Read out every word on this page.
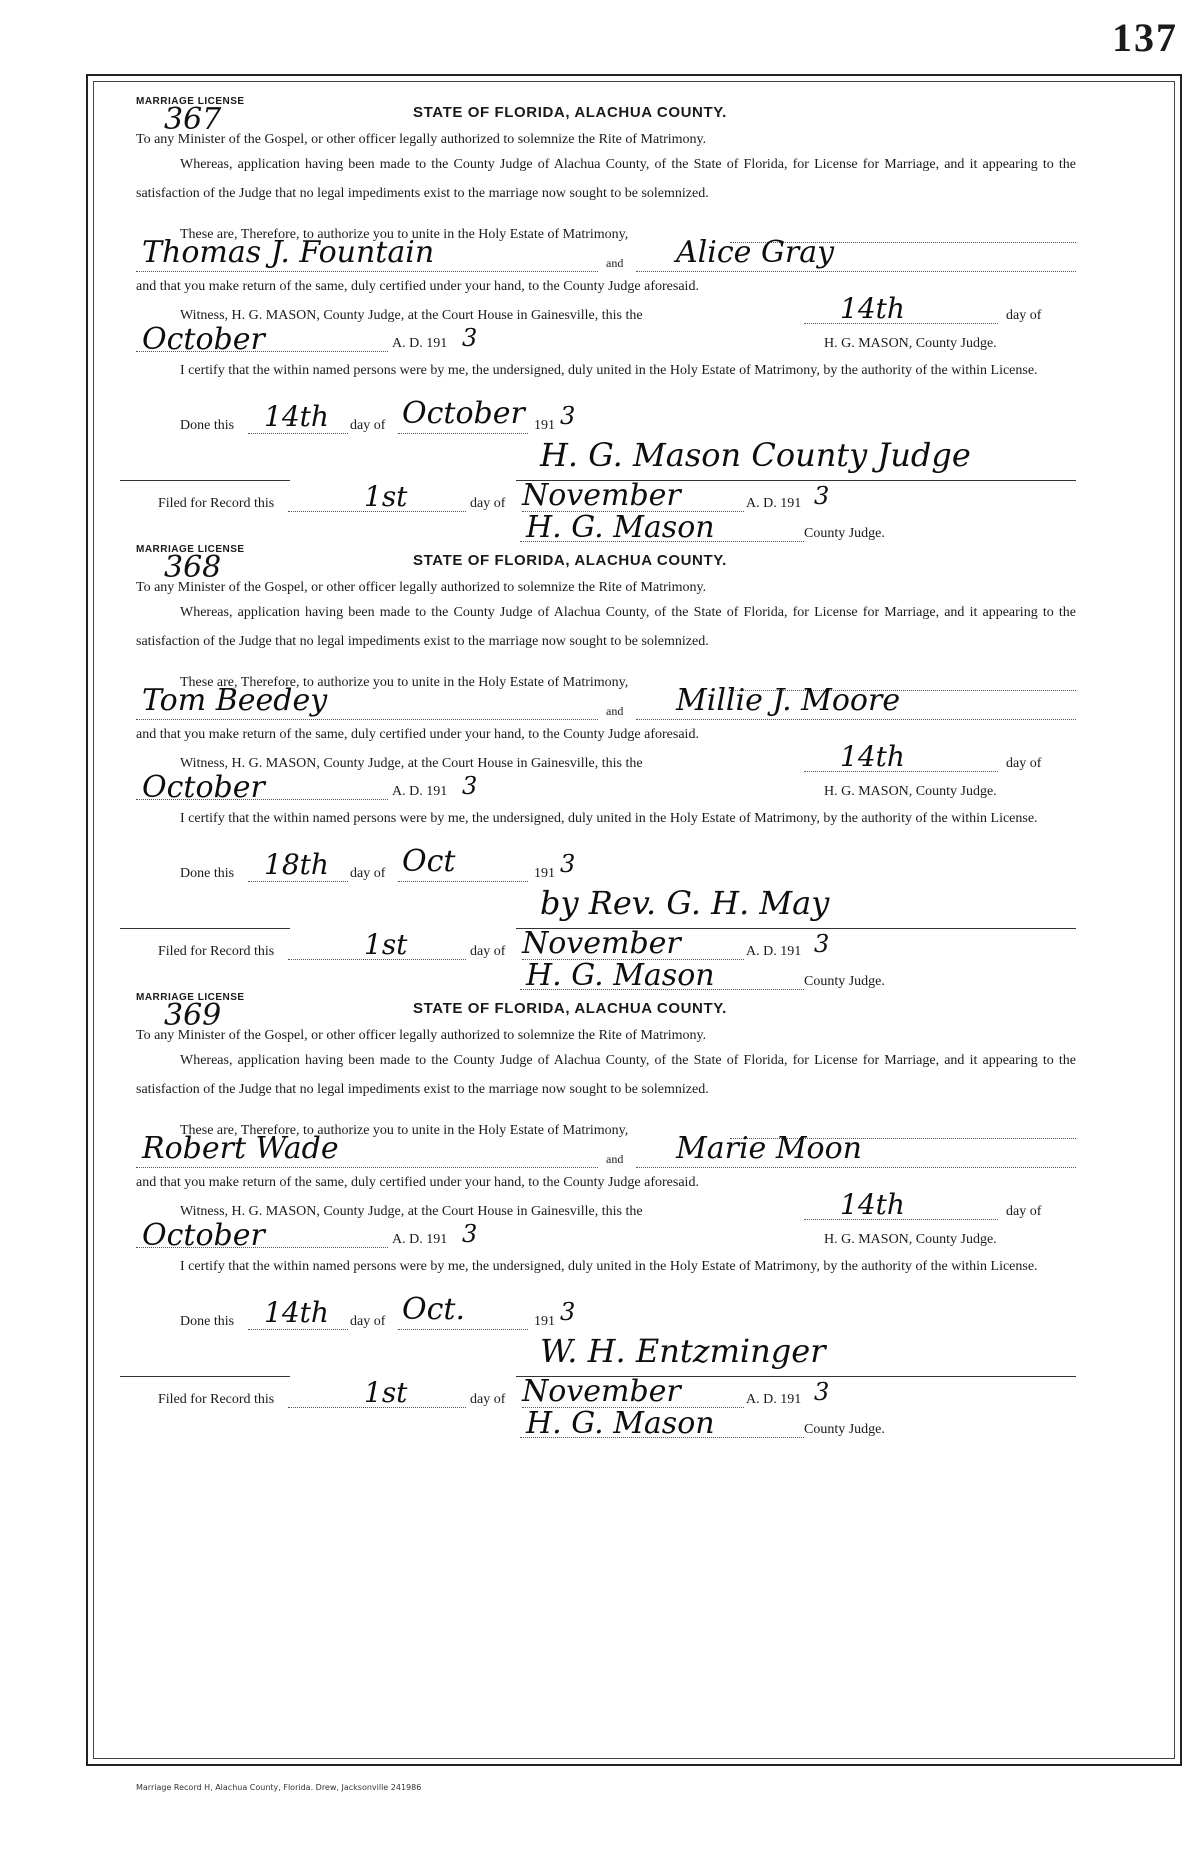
137
MARRIAGE LICENSE
367	STATE OF FLORIDA, ALACHUA COUNTY.
To any Minister of the Gospel, or other officer legally authorized to solemnize the Rite of Matrimony.
Whereas, application having been made to the County Judge of Alachua County, of the State of Florida, for License for Marriage, and it appearing to the satisfaction of the Judge that no legal impediments exist to the marriage now sought to be solemnized.
These are, Therefore, to authorize you to unite in the Holy Estate of Matrimony,
Thomas J. Fountain	and Alice Gray
and that you make return of the same, duly certified under your hand, to the County Judge aforesaid.
Witness, H. G. MASON, County Judge, at the Court House in Gainesville, this the	14th	day of
October	A. D. 191 3	H. G. MASON, County Judge.
I certify that the within named persons were by me, the undersigned, duly united in the Holy Estate of Matrimony, by the authority of the within License.
Done this 14th day of October 191 3
H. G. Mason County Judge
Filed for Record this	1st	day of November	A. D. 191 3
H. G. Mason	County Judge.
MARRIAGE LICENSE
368	STATE OF FLORIDA, ALACHUA COUNTY.
To any Minister of the Gospel, or other officer legally authorized to solemnize the Rite of Matrimony.
Whereas, application having been made to the County Judge of Alachua County, of the State of Florida, for License for Marriage, and it appearing to the satisfaction of the Judge that no legal impediments exist to the marriage now sought to be solemnized.
These are, Therefore, to authorize you to unite in the Holy Estate of Matrimony,
Tom Beedey	and Millie J. Moore
and that you make return of the same, duly certified under your hand, to the County Judge aforesaid.
Witness, H. G. MASON, County Judge, at the Court House in Gainesville, this the	14th	day of
October	A. D. 191 3	H. G. MASON, County Judge.
I certify that the within named persons were by me, the undersigned, duly united in the Holy Estate of Matrimony, by the authority of the within License.
Done this 18th day of Oct	191 3
by Rev. G. H. May
Filed for Record this	1st	day of November	A. D. 191 3
H. G. Mason	County Judge.
MARRIAGE LICENSE
369	STATE OF FLORIDA, ALACHUA COUNTY.
To any Minister of the Gospel, or other officer legally authorized to solemnize the Rite of Matrimony.
Whereas, application having been made to the County Judge of Alachua County, of the State of Florida, for License for Marriage, and it appearing to the satisfaction of the Judge that no legal impediments exist to the marriage now sought to be solemnized.
These are, Therefore, to authorize you to unite in the Holy Estate of Matrimony,
Robert Wade	and Marie Moon
and that you make return of the same, duly certified under your hand, to the County Judge aforesaid.
Witness, H. G. MASON, County Judge, at the Court House in Gainesville, this the	14th	day of
October	A. D. 191 3	H. G. MASON, County Judge.
I certify that the within named persons were by me, the undersigned, duly united in the Holy Estate of Matrimony, by the authority of the within License.
Done this 14th day of Oct.	191 3
W. H. Entzminger
Filed for Record this	1st	day of November	A. D. 191 3
H. G. Mason	County Judge.
Marriage Record H, Alachua County, Florida. Drew, Jacksonville 241986
